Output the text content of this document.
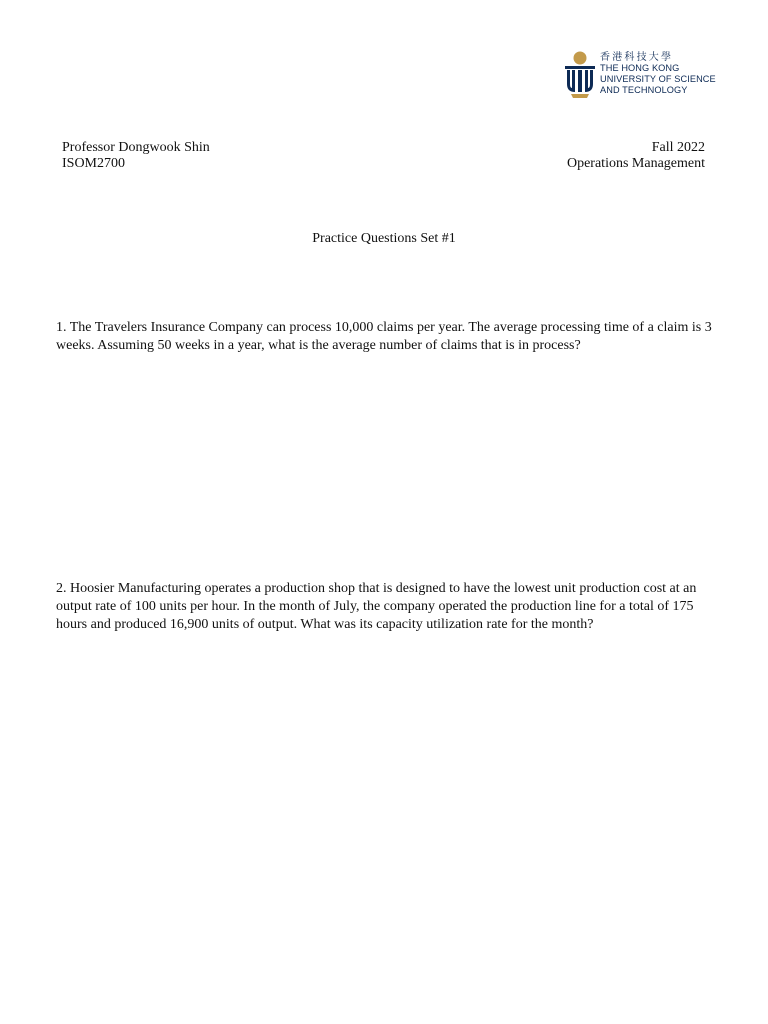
香港科技大學
THE HONG KONG
UNIVERSITY OF SCIENCE
AND TECHNOLOGY
Professor Dongwook Shin
ISOM2700
Fall 2022
Operations Management
Practice Questions Set #1

1. The Travelers Insurance Company can process 10,000 claims per year. The average processing time of a claim is 3 weeks. Assuming 50 weeks in a year, what is the average number of claims that is in process?

2. Hoosier Manufacturing operates a production shop that is designed to have the lowest unit production cost at an output rate of 100 units per hour. In the month of July, the company operated the production line for a total of 175 hours and produced 16,900 units of output. What was its capacity utilization rate for the month?
